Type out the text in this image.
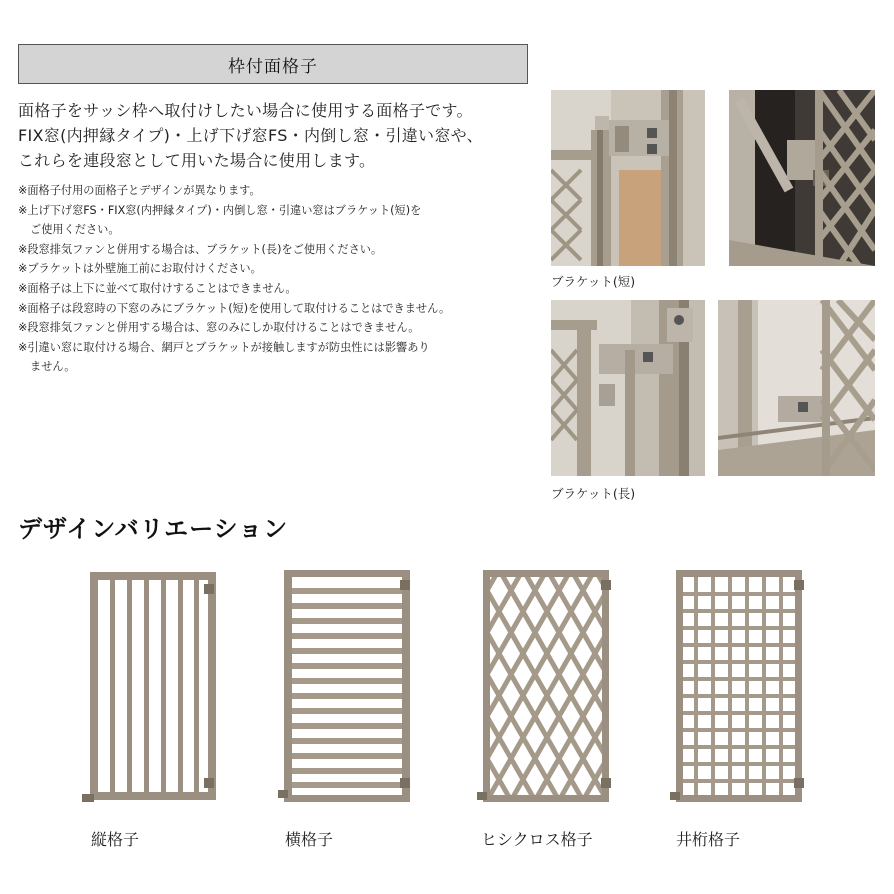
枠付面格子

面格子をサッシ枠へ取付けしたい場合に使用する面格子です。
FIX窓(内押縁タイプ)・上げ下げ窓FS・内倒し窓・引違い窓や、
これらを連段窓として用いた場合に使用します。

※面格子付用の面格子とデザインが異なります。
※上げ下げ窓FS・FIX窓(内押縁タイプ)・内倒し窓・引違い窓はブラケット(短)を
ご使用ください。
※段窓排気ファンと併用する場合は、ブラケット(長)をご使用ください。
※ブラケットは外壁施工前にお取付けください。
※面格子は上下に並べて取付けすることはできません。
※面格子は段窓時の下窓のみにブラケット(短)を使用して取付けることはできません。
※段窓排気ファンと併用する場合は、窓のみにしか取付けることはできません。
※引違い窓に取付ける場合、網戸とブラケットが接触しますが防虫性には影響あり
ません。
ブラケット(短)
ブラケット(長)
デザインバリエーション
縦格子	横格子	ヒシクロス格子	井桁格子
